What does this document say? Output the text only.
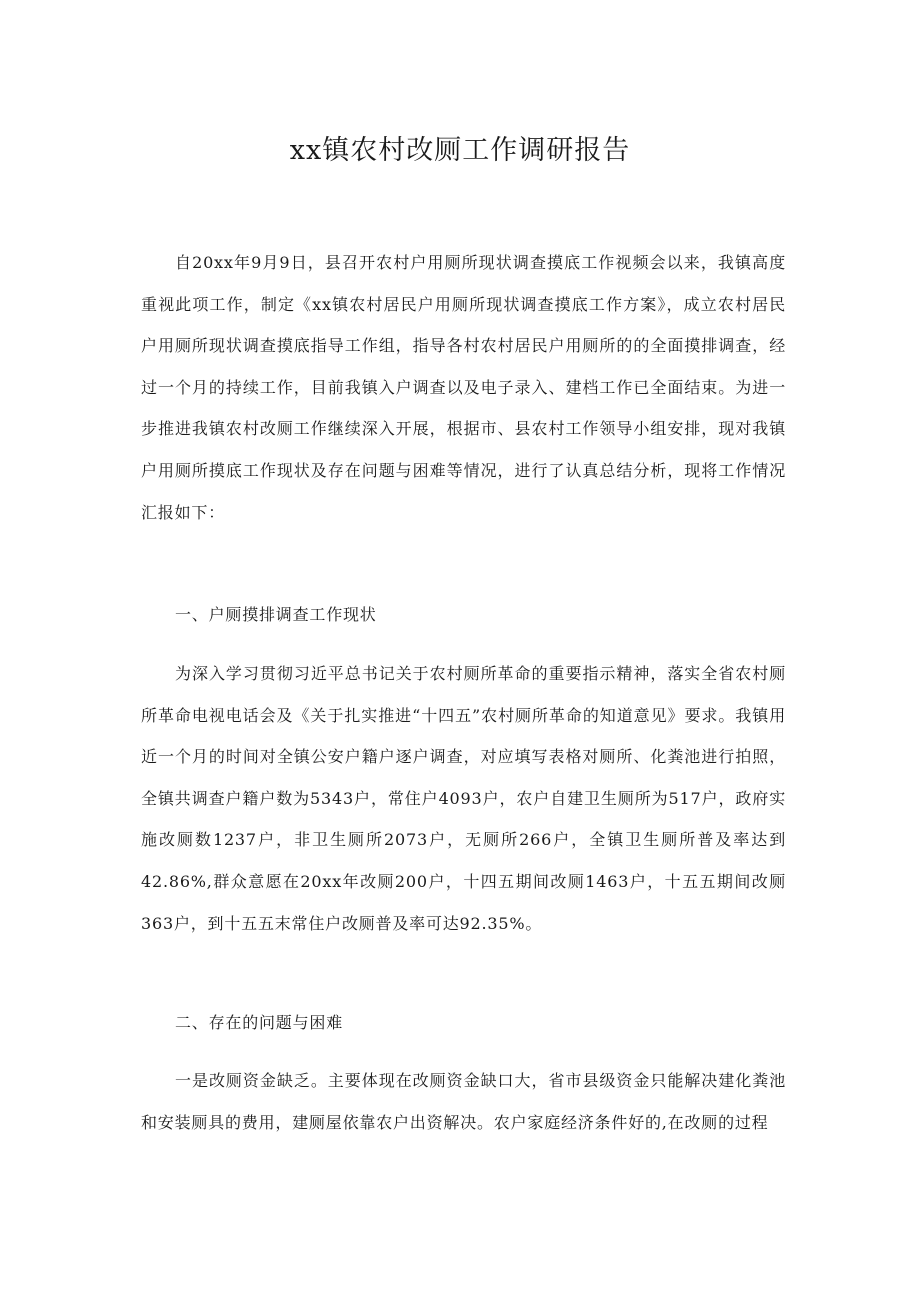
xx镇农村改厕工作调研报告

自20xx年9月9日，县召开农村户用厕所现状调查摸底工作视频会以来，我镇高度重视此项工作，制定《xx镇农村居民户用厕所现状调查摸底工作方案》，成立农村居民户用厕所现状调查摸底指导工作组，指导各村农村居民户用厕所的的全面摸排调查，经过一个月的持续工作，目前我镇入户调查以及电子录入、建档工作已全面结束。为进一步推进我镇农村改厕工作继续深入开展，根据市、县农村工作领导小组安排，现对我镇户用厕所摸底工作现状及存在问题与困难等情况，进行了认真总结分析，现将工作情况汇报如下：

一、户厕摸排调查工作现状

为深入学习贯彻习近平总书记关于农村厕所革命的重要指示精神，落实全省农村厕所革命电视电话会及《关于扎实推进“十四五”农村厕所革命的知道意见》要求。我镇用近一个月的时间对全镇公安户籍户逐户调查，对应填写表格对厕所、化粪池进行拍照，全镇共调查户籍户数为5343户，常住户4093户，农户自建卫生厕所为517户，政府实施改厕数1237户，非卫生厕所2073户，无厕所266户，全镇卫生厕所普及率达到42.86%,群众意愿在20xx年改厕200户，十四五期间改厕1463户，十五五期间改厕363户，到十五五末常住户改厕普及率可达92.35%。

二、存在的问题与困难

一是改厕资金缺乏。主要体现在改厕资金缺口大，省市县级资金只能解决建化粪池和安装厕具的费用，建厕屋依靠农户出资解决。农户家庭经济条件好的,在改厕的过程
